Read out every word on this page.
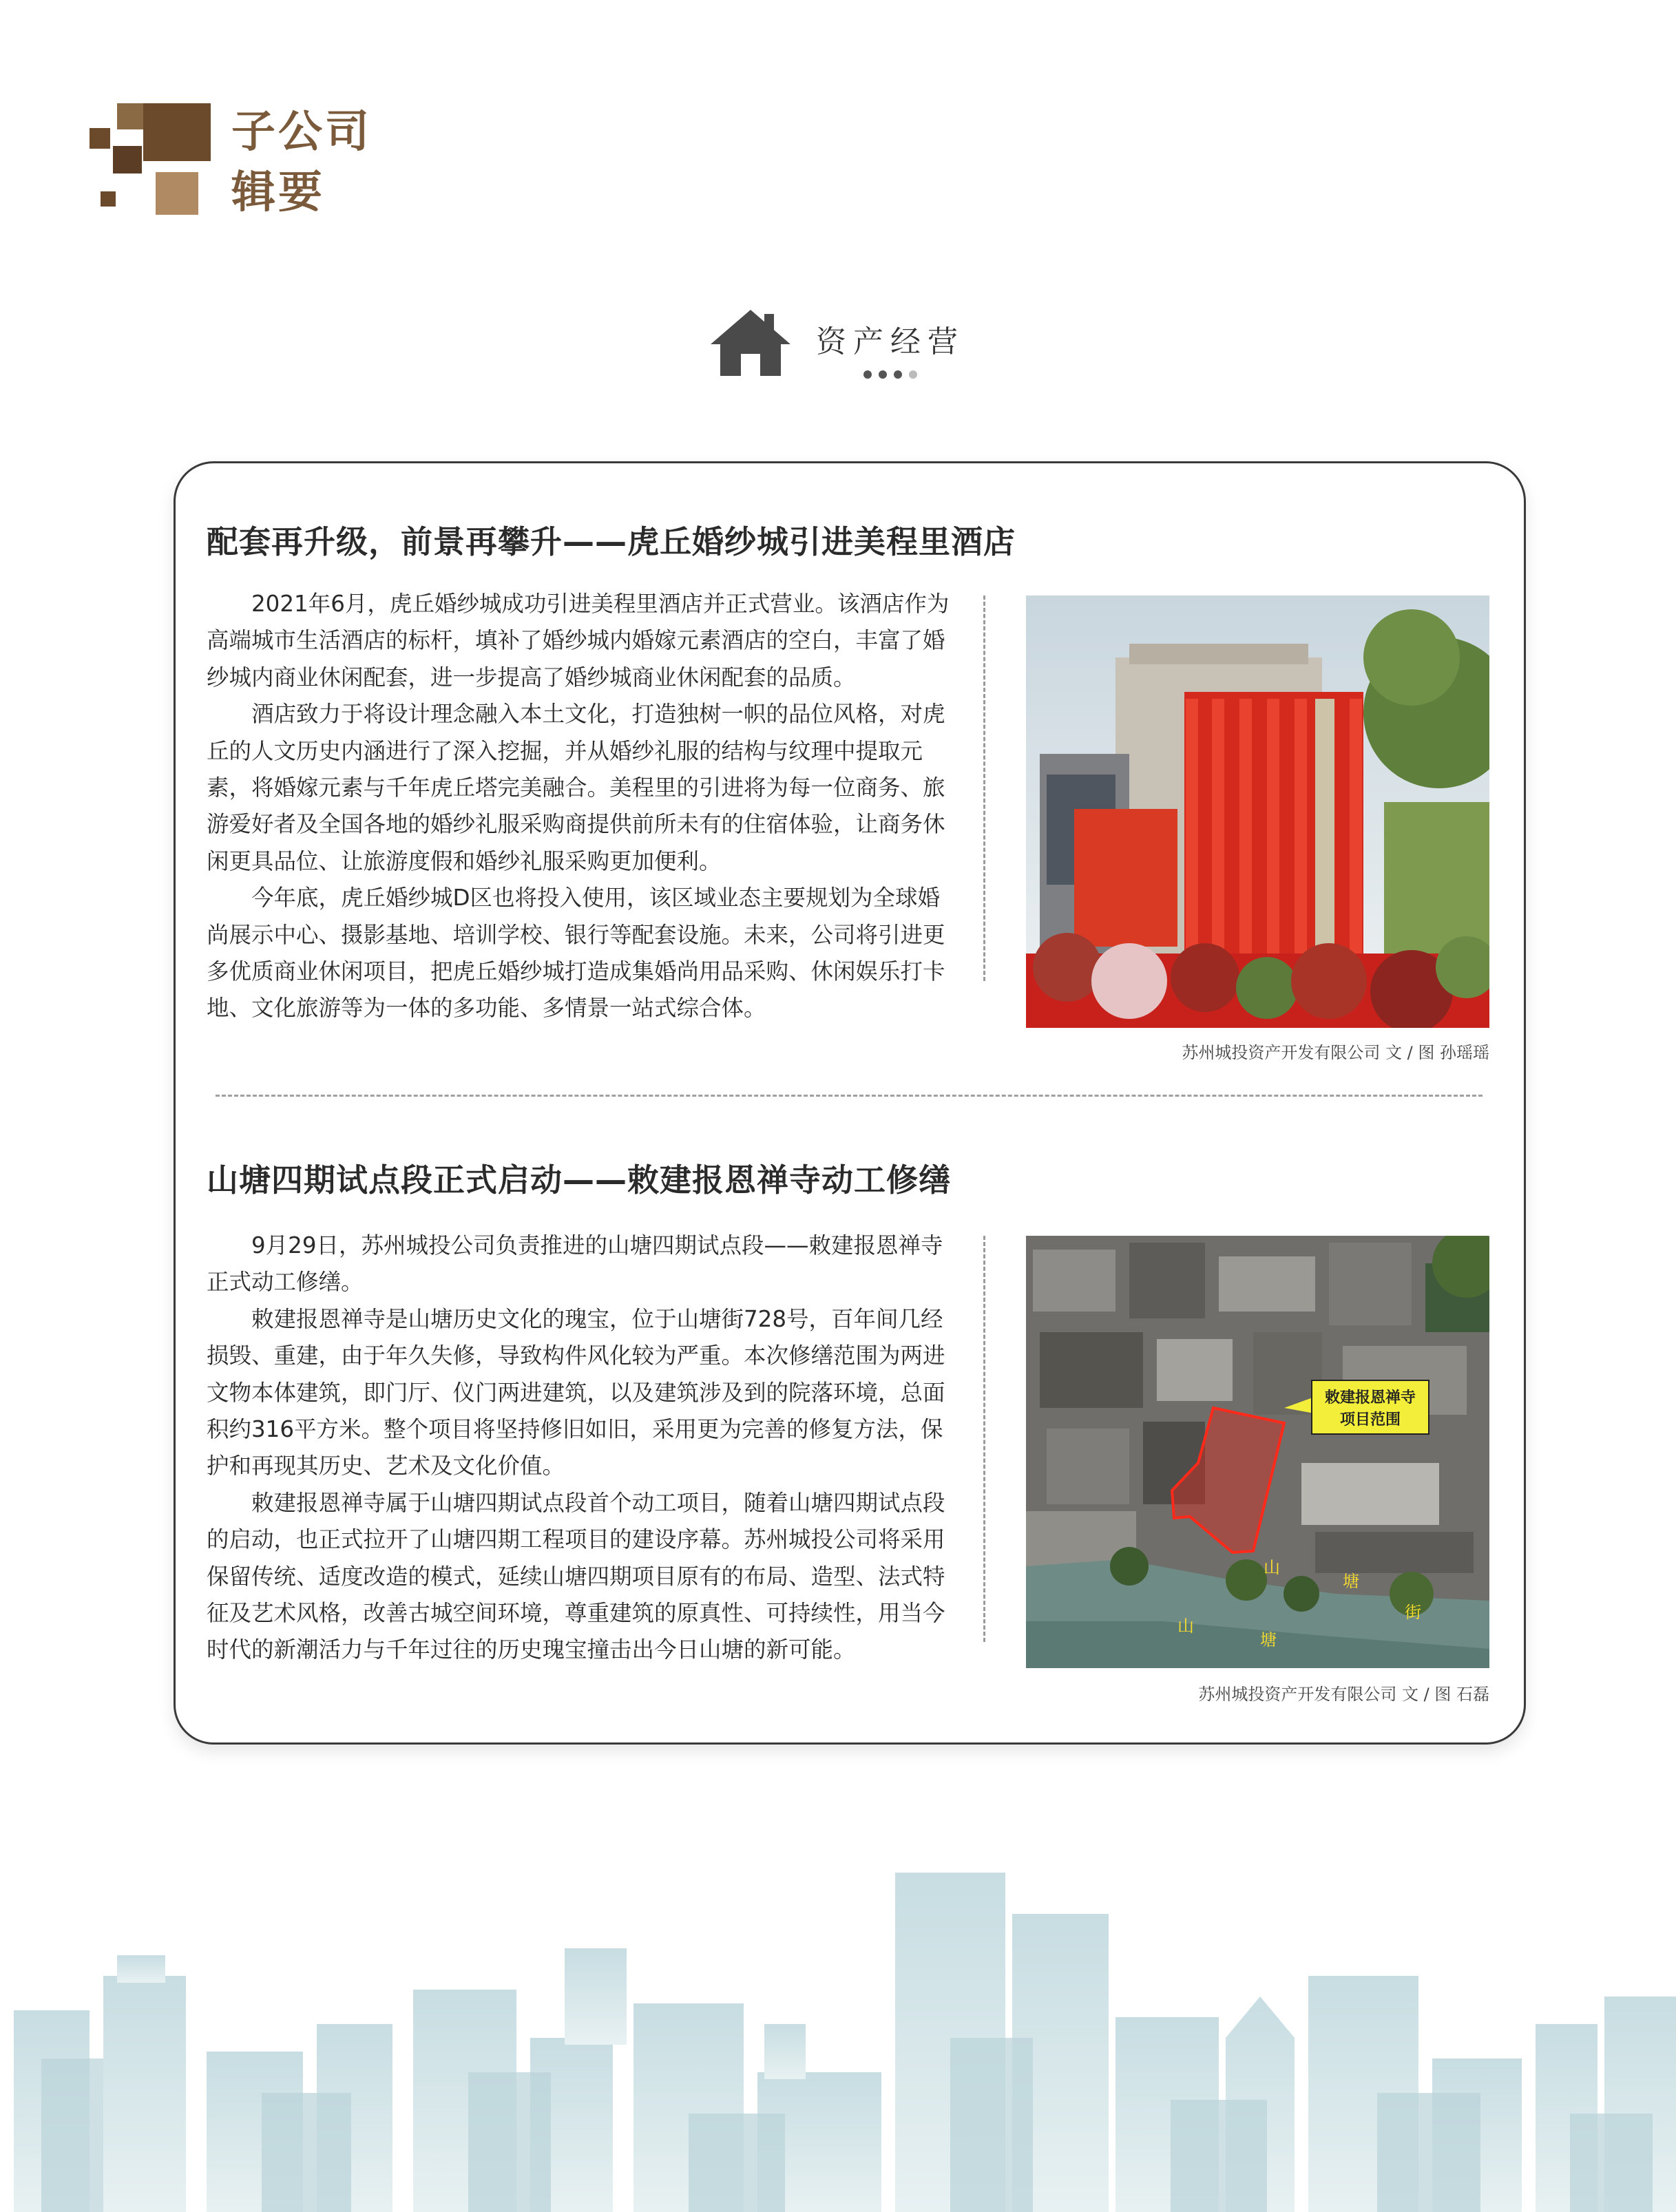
子公司
辑要
资产经营
配套再升级，前景再攀升——虎丘婚纱城引进美程里酒店

2021年6月，虎丘婚纱城成功引进美程里酒店并正式营业。该酒店作为高端城市生活酒店的标杆，填补了婚纱城内婚嫁元素酒店的空白，丰富了婚纱城内商业休闲配套，进一步提高了婚纱城商业休闲配套的品质。

酒店致力于将设计理念融入本土文化，打造独树一帜的品位风格，对虎丘的人文历史内涵进行了深入挖掘，并从婚纱礼服的结构与纹理中提取元素，将婚嫁元素与千年虎丘塔完美融合。美程里的引进将为每一位商务、旅游爱好者及全国各地的婚纱礼服采购商提供前所未有的住宿体验，让商务休闲更具品位、让旅游度假和婚纱礼服采购更加便利。

今年底，虎丘婚纱城D区也将投入使用，该区域业态主要规划为全球婚尚展示中心、摄影基地、培训学校、银行等配套设施。未来，公司将引进更多优质商业休闲项目，把虎丘婚纱城打造成集婚尚用品采购、休闲娱乐打卡地、文化旅游等为一体的多功能、多情景一站式综合体。

苏州城投资产开发有限公司 文 / 图 孙瑶瑶
山塘四期试点段正式启动——敕建报恩禅寺动工修缮

9月29日，苏州城投公司负责推进的山塘四期试点段——敕建报恩禅寺正式动工修缮。

敕建报恩禅寺是山塘历史文化的瑰宝，位于山塘街728号，百年间几经损毁、重建，由于年久失修，导致构件风化较为严重。本次修缮范围为两进文物本体建筑，即门厅、仪门两进建筑，以及建筑涉及到的院落环境，总面积约316平方米。整个项目将坚持修旧如旧，采用更为完善的修复方法，保护和再现其历史、艺术及文化价值。

敕建报恩禅寺属于山塘四期试点段首个动工项目，随着山塘四期试点段的启动，也正式拉开了山塘四期工程项目的建设序幕。苏州城投公司将采用保留传统、适度改造的模式，延续山塘四期项目原有的布局、造型、法式特征及艺术风格，改善古城空间环境，尊重建筑的原真性、可持续性，用当今时代的新潮活力与千年过往的历史瑰宝撞击出今日山塘的新可能。

敕建报恩禅寺
项目范围
山
塘
街
山
塘
苏州城投资产开发有限公司 文 / 图 石磊
